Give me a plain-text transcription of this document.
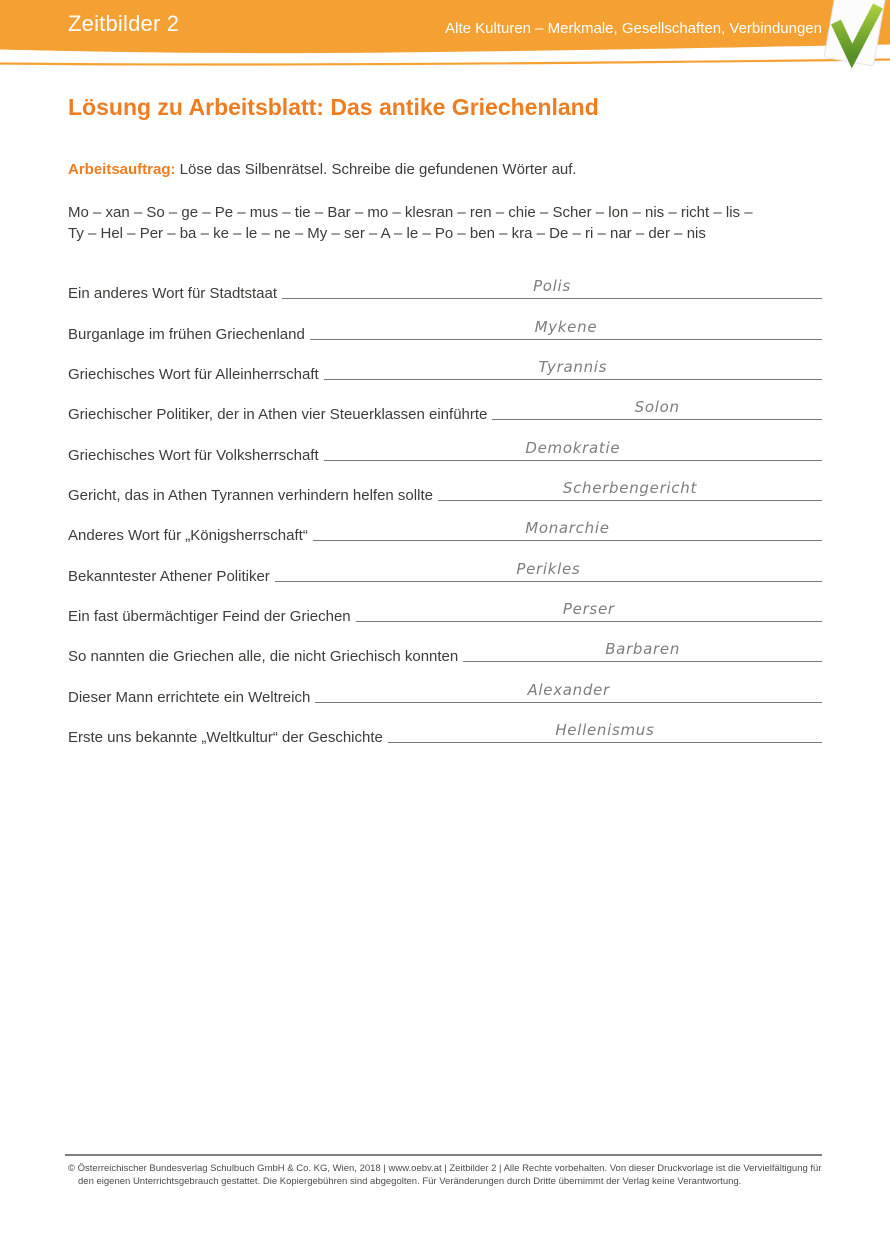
Zeitbilder 2	Alte Kulturen – Merkmale, Gesellschaften, Verbindungen
Lösung zu Arbeitsblatt: Das antike Griechenland
Arbeitsauftrag: Löse das Silbenrätsel. Schreibe die gefundenen Wörter auf.
Mo – xan – So – ge – Pe – mus – tie – Bar – mo – klesran – ren – chie – Scher – lon – nis – richt – lis –
Ty – Hel – Per – ba – ke – le – ne – My – ser – A – le – Po – ben – kra – De – ri – nar – der – nis
Ein anderes Wort für Stadtstaat	Polis
Burganlage im frühen Griechenland	Mykene
Griechisches Wort für Alleinherrschaft	Tyrannis
Griechischer Politiker, der in Athen vier Steuerklassen einführte	Solon
Griechisches Wort für Volksherrschaft	Demokratie
Gericht, das in Athen Tyrannen verhindern helfen sollte	Scherbengericht
Anderes Wort für „Königsherrschaft“	Monarchie
Bekanntester Athener Politiker	Perikles
Ein fast übermächtiger Feind der Griechen	Perser
So nannten die Griechen alle, die nicht Griechisch konnten	Barbaren
Dieser Mann errichtete ein Weltreich	Alexander
Erste uns bekannte „Weltkultur“ der Geschichte	Hellenismus
© Österreichischer Bundesverlag Schulbuch GmbH & Co. KG, Wien, 2018 | www.oebv.at | Zeitbilder 2 | Alle Rechte vorbehalten. Von dieser Druckvorlage ist die Vervielfältigung für den eigenen Unterrichtsgebrauch gestattet. Die Kopiergebühren sind abgegolten. Für Veränderungen durch Dritte übernimmt der Verlag keine Verantwortung.
